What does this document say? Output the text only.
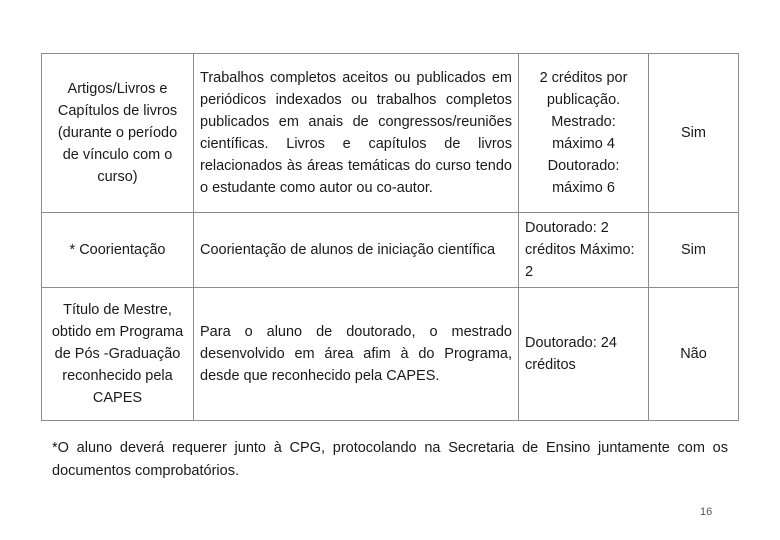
Artigos/Livros e Capítulos de livros (durante o período de vínculo com o curso)	Trabalhos completos aceitos ou publicados em periódicos indexados ou trabalhos completos publicados em anais de congressos/reuniões científicas. Livros e capítulos de livros relacionados às áreas temáticas do curso tendo o estudante como autor ou co-autor.	2 créditos por publicação. Mestrado: máximo 4 Doutorado: máximo 6	Sim
* Coorientação	Coorientação de alunos de iniciação científica	Doutorado: 2 créditos Máximo: 2	Sim
Título de Mestre, obtido em Programa de Pós -Graduação reconhecido pela CAPES	Para o aluno de doutorado, o mestrado desenvolvido em área afim à do Programa, desde que reconhecido pela CAPES.	Doutorado: 24 créditos	Não
*O aluno deverá requerer junto à CPG, protocolando na Secretaria de Ensino juntamente com os documentos comprobatórios.
16
